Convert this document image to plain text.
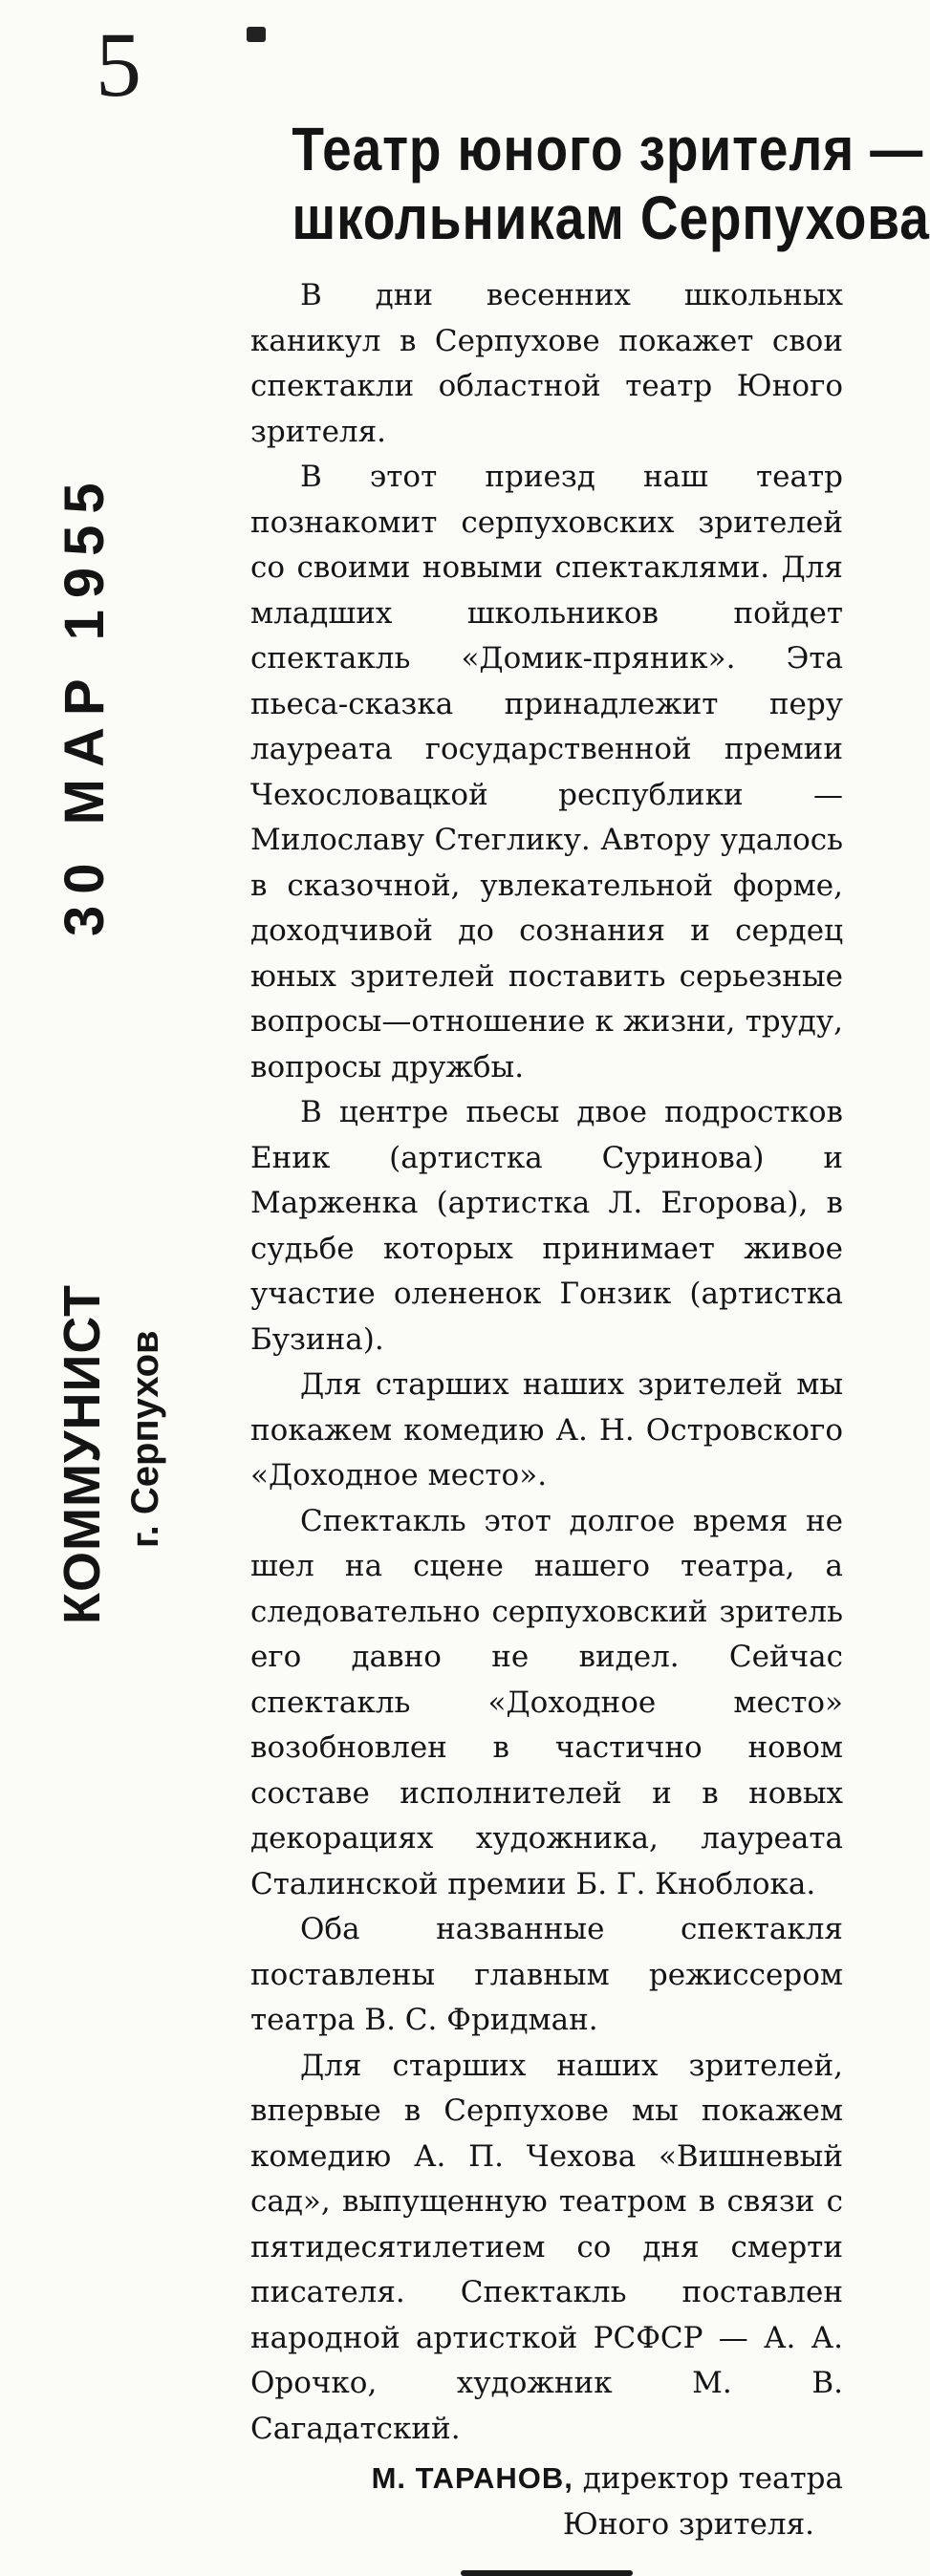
5
30 МАР 1955
КОММУНИСТ г. Серпухов
Театр юного зрителя —
школьникам Серпухова

В дни весенних школьных каникул в Серпухове покажет свои спектакли областной театр Юного зрителя.

В этот приезд наш театр познакомит серпуховских зрителей со своими новыми спектаклями. Для младших школьников пойдет спектакль «Домик-пряник». Эта пьеса-сказка принадлежит перу лауреата государственной премии Чехословацкой республики — Милославу Стеглику. Автору удалось в сказочной, увлекательной форме, доходчивой до сознания и сердец юных зрителей поставить серьезные вопросы—отношение к жизни, труду, вопросы дружбы.

В центре пьесы двое подростков Еник (артистка Суринова) и Марженка (артистка Л. Егорова), в судьбе которых принимает живое участие олененок Гонзик (артистка Бузина).

Для старших наших зрителей мы покажем комедию А. Н. Островского «Доходное место».

Спектакль этот долгое время не шел на сцене нашего театра, а следовательно серпуховский зритель его давно не видел. Сейчас спектакль «Доходное место» возобновлен в частично новом составе исполнителей и в новых декорациях художника, лауреата Сталинской премии Б. Г. Кноблока.

Оба названные спектакля поставлены главным режиссером театра В. С. Фридман.

Для старших наших зрителей, впервые в Серпухове мы покажем комедию А. П. Чехова «Вишневый сад», выпущенную театром в связи с пятидесятилетием со дня смерти писателя. Спектакль поставлен народной артисткой РСФСР — А. А. Орочко, художник М. В. Сагадатский.

М. ТАРАНОВ, директор театра
Юного зрителя.
